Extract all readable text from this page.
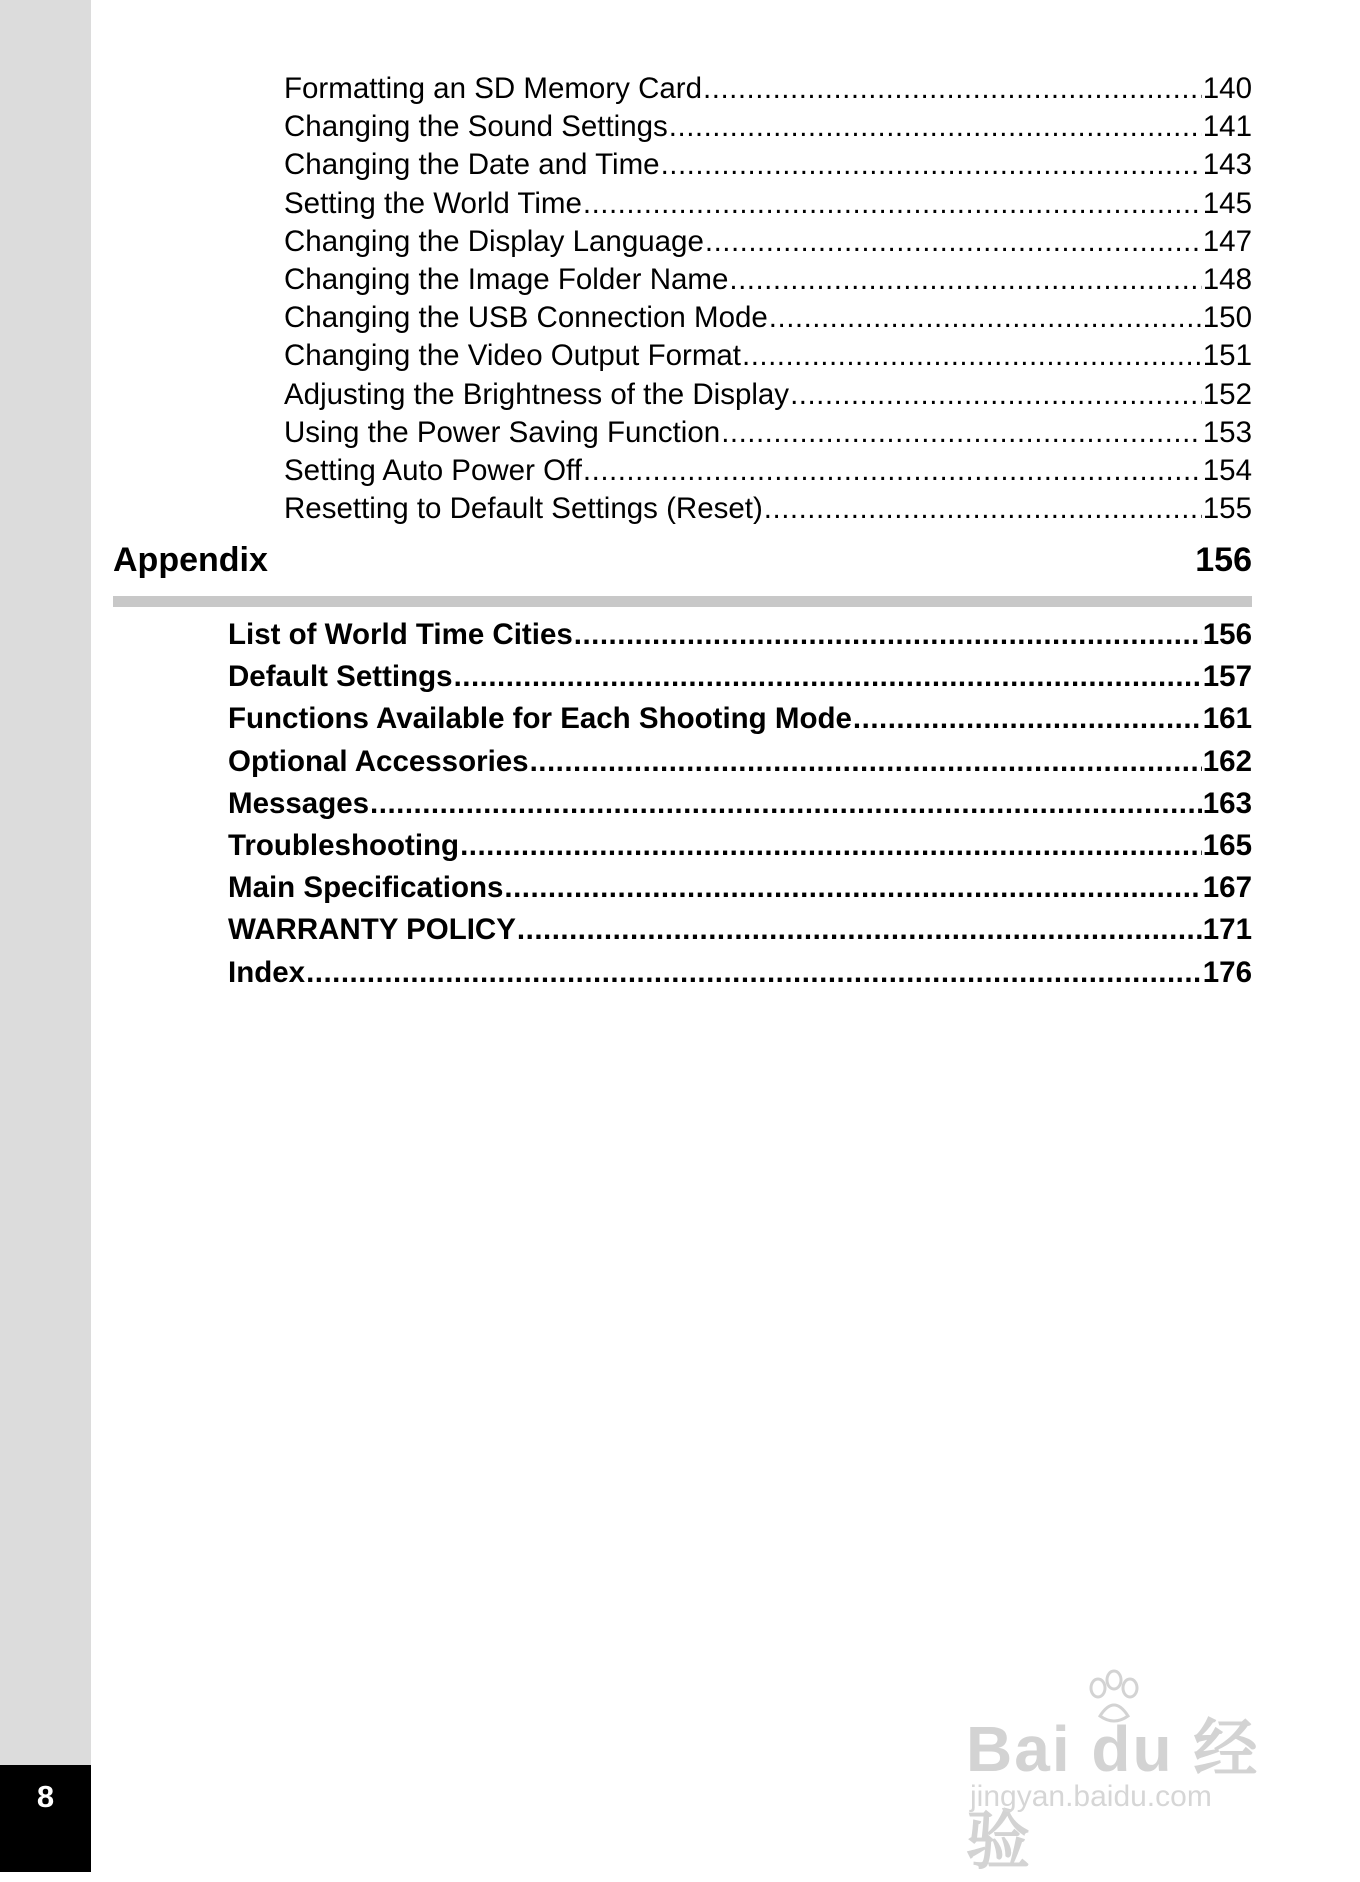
8
Formatting an SD Memory Card .....	140
Changing the Sound Settings .....	141
Changing the Date and Time .....	143
Setting the World Time .....	145
Changing the Display Language .....	147
Changing the Image Folder Name .....	148
Changing the USB Connection Mode .....	150
Changing the Video Output Format .....	151
Adjusting the Brightness of the Display .....	152
Using the Power Saving Function .....	153
Setting Auto Power Off .....	154
Resetting to Default Settings (Reset) .....	155
Appendix	156
List of World Time Cities .....	156
Default Settings .....	157
Functions Available for Each Shooting Mode .....	161
Optional Accessories .....	162
Messages .....	163
Troubleshooting .....	165
Main Specifications .....	167
WARRANTY POLICY .....	171
Index .....	176
Bai du 经验
jingyan.baidu.com
